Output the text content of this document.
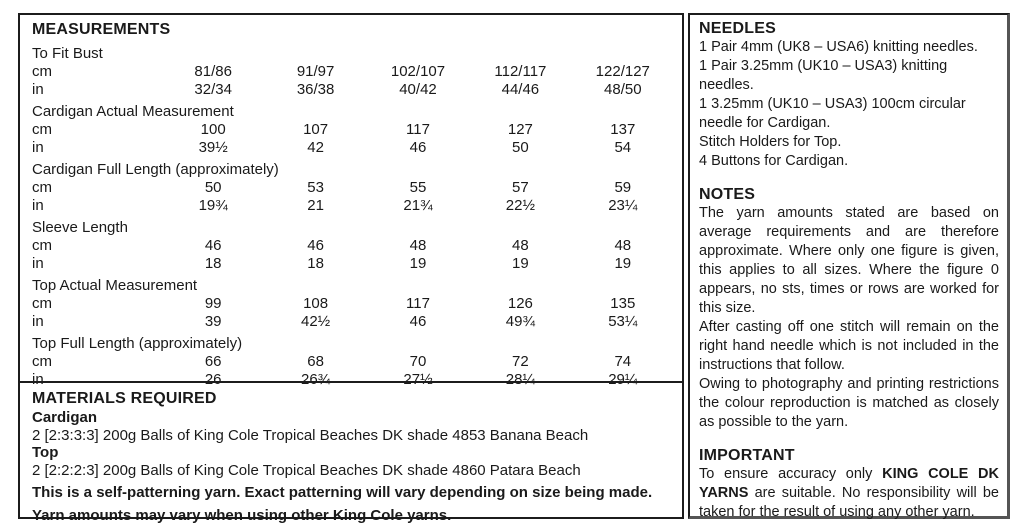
MEASUREMENTS
To Fit Bust
cm	81/86	91/97	102/107	112/117	122/127
in	32/34	36/38	40/42	44/46	48/50
Cardigan Actual Measurement
cm	100	107	117	127	137
in	39½	42	46	50	54
Cardigan Full Length (approximately)
cm	50	53	55	57	59
in	19¾	21	21¾	22½	23¼
Sleeve Length
cm	46	46	48	48	48
in	18	18	19	19	19
Top Actual Measurement
cm	99	108	117	126	135
in	39	42½	46	49¾	53¼
Top Full Length (approximately)
cm	66	68	70	72	74
in	26	26¾	27½	28¼	29¼
MATERIALS REQUIRED
Cardigan
2 [2:3:3:3] 200g Balls of King Cole Tropical Beaches DK shade 4853 Banana Beach
Top
2 [2:2:2:3] 200g Balls of King Cole Tropical Beaches DK shade 4860 Patara Beach
This is a self-patterning yarn. Exact patterning will vary depending on size being made.
Yarn amounts may vary when using other King Cole yarns.
NEEDLES
1 Pair 4mm (UK8 – USA6) knitting needles.
1 Pair 3.25mm (UK10 – USA3) knitting needles.
1 3.25mm (UK10 – USA3) 100cm circular needle for Cardigan.
Stitch Holders for Top.
4 Buttons for Cardigan.
NOTES

The yarn amounts stated are based on average requirements and are therefore approximate. Where only one figure is given, this applies to all sizes. Where the figure 0 appears, no sts, times or rows are worked for this size.

After casting off one stitch will remain on the right hand needle which is not included in the instructions that follow.

Owing to photography and printing restrictions the colour reproduction is matched as closely as possible to the yarn.

IMPORTANT

To ensure accuracy only KING COLE DK YARNS are suitable. No responsibility will be taken for the result of using any other yarn.
